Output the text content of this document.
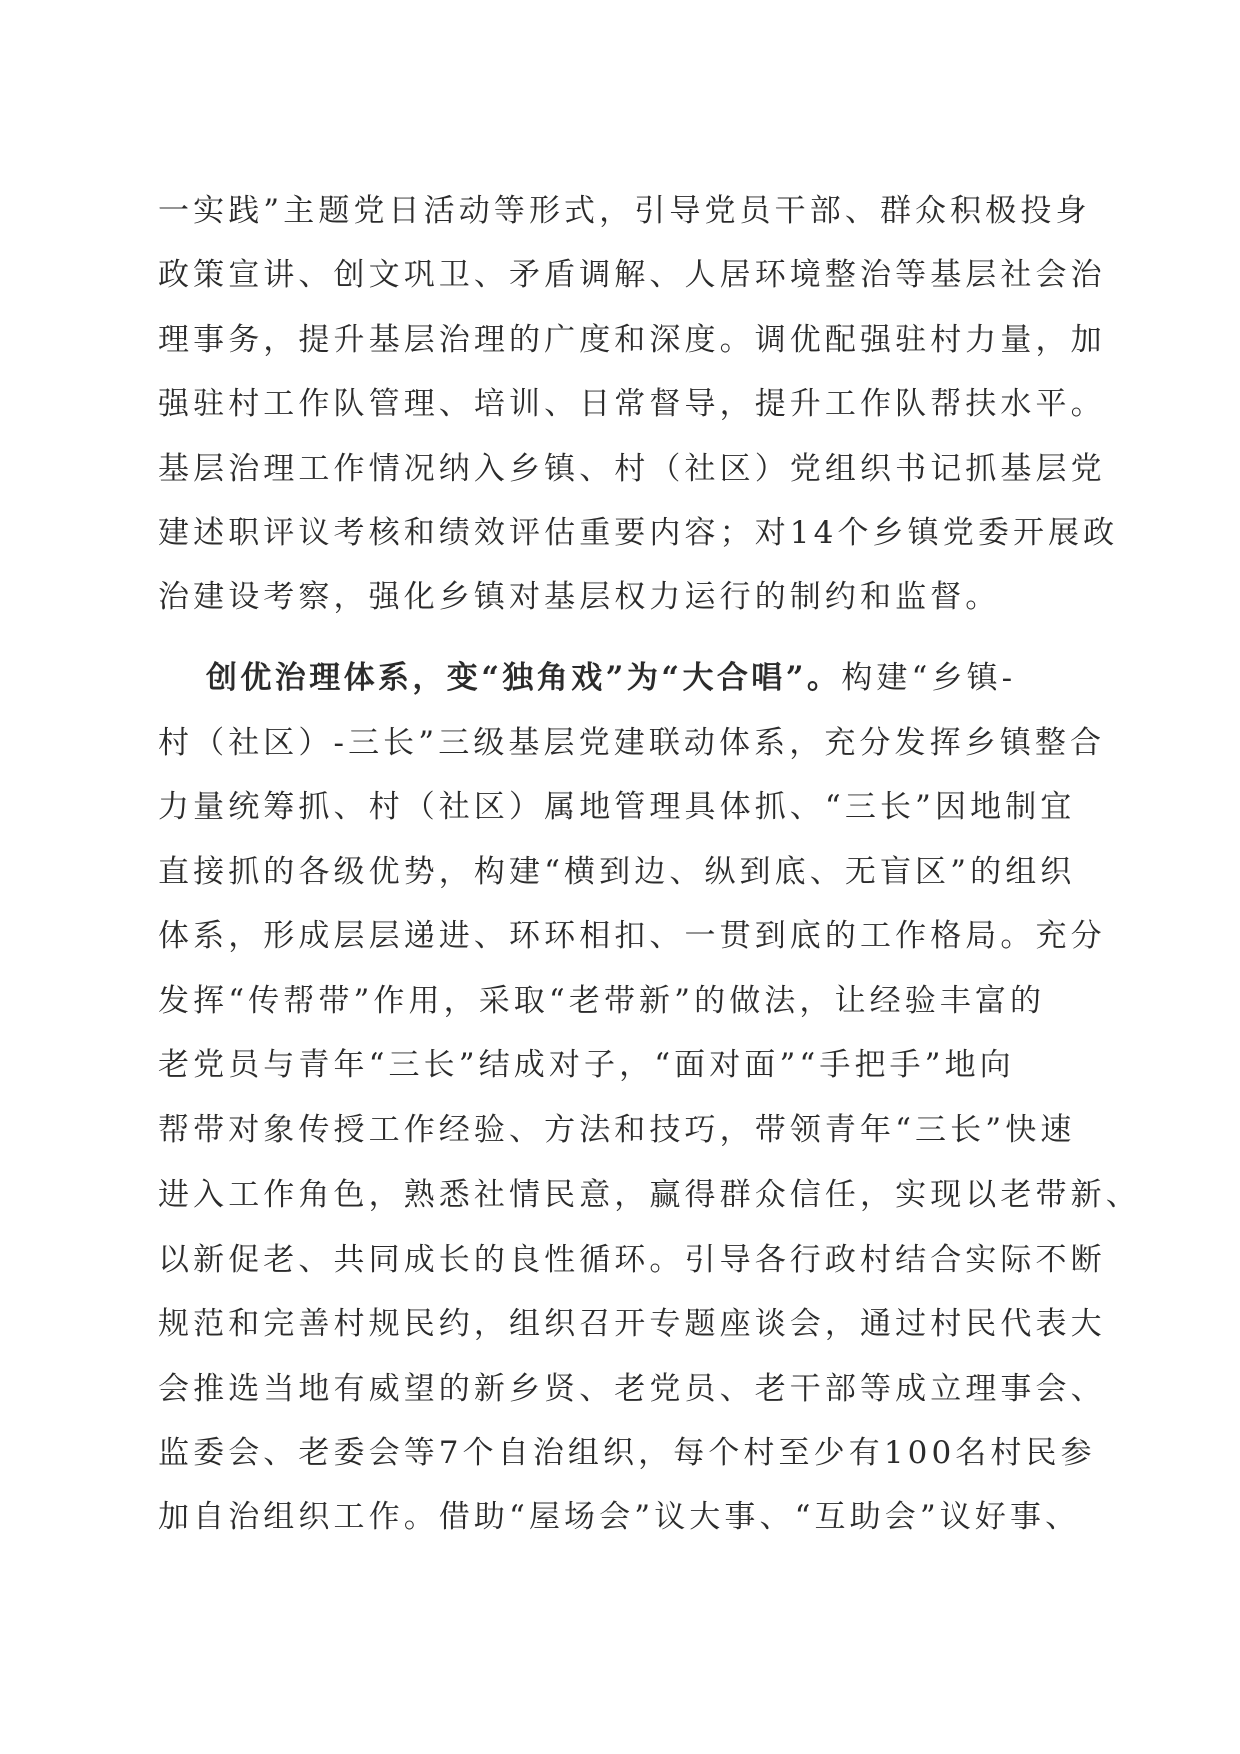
一实践”主题党日活动等形式，引导党员干部、群众积极投身
政策宣讲、创文巩卫、矛盾调解、人居环境整治等基层社会治
理事务，提升基层治理的广度和深度。调优配强驻村力量，加
强驻村工作队管理、培训、日常督导，提升工作队帮扶水平。
基层治理工作情况纳入乡镇、村（社区）党组织书记抓基层党
建述职评议考核和绩效评估重要内容；对14个乡镇党委开展政
治建设考察，强化乡镇对基层权力运行的制约和监督。
创优治理体系，变“独角戏”为“大合唱”。构建“乡镇-
村（社区）-三长”三级基层党建联动体系，充分发挥乡镇整合
力量统筹抓、村（社区）属地管理具体抓、“三长”因地制宜
直接抓的各级优势，构建“横到边、纵到底、无盲区”的组织
体系，形成层层递进、环环相扣、一贯到底的工作格局。充分
发挥“传帮带”作用，采取“老带新”的做法，让经验丰富的
老党员与青年“三长”结成对子，“面对面”“手把手”地向
帮带对象传授工作经验、方法和技巧，带领青年“三长”快速
进入工作角色，熟悉社情民意，赢得群众信任，实现以老带新、
以新促老、共同成长的良性循环。引导各行政村结合实际不断
规范和完善村规民约，组织召开专题座谈会，通过村民代表大
会推选当地有威望的新乡贤、老党员、老干部等成立理事会、
监委会、老委会等7个自治组织，每个村至少有100名村民参
加自治组织工作。借助“屋场会”议大事、“互助会”议好事、
